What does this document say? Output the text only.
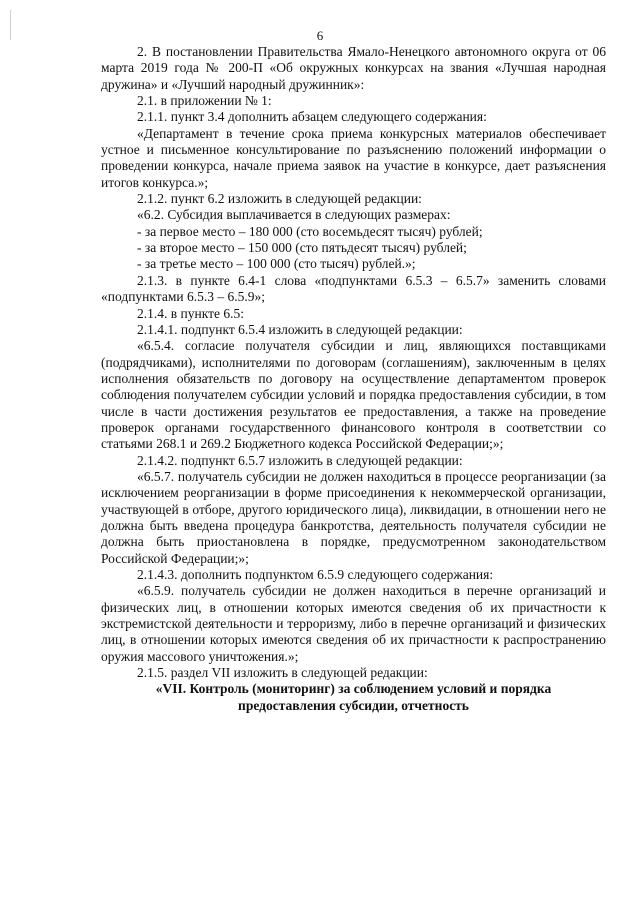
6

2. В постановлении Правительства Ямало-Ненецкого автономного округа от 06 марта 2019 года № 200-П «Об окружных конкурсах на звания «Лучшая народная дружина» и «Лучший народный дружинник»:

2.1. в приложении № 1:

2.1.1. пункт 3.4 дополнить абзацем следующего содержания:

«Департамент в течение срока приема конкурсных материалов обеспечивает устное и письменное консультирование по разъяснению положений информации о проведении конкурса, начале приема заявок на участие в конкурсе, дает разъяснения итогов конкурса.»;

2.1.2. пункт 6.2 изложить в следующей редакции:

«6.2. Субсидия выплачивается в следующих размерах:

- за первое место – 180 000 (сто восемьдесят тысяч) рублей;

- за второе место – 150 000 (сто пятьдесят тысяч) рублей;

- за третье место – 100 000 (сто тысяч) рублей.»;

2.1.3. в пункте 6.4-1 слова «подпунктами 6.5.3 – 6.5.7» заменить словами «подпунктами 6.5.3 – 6.5.9»;

2.1.4. в пункте 6.5:

2.1.4.1. подпункт 6.5.4 изложить в следующей редакции:

«6.5.4. согласие получателя субсидии и лиц, являющихся поставщиками (подрядчиками), исполнителями по договорам (соглашениям), заключенным в целях исполнения обязательств по договору на осуществление департаментом проверок соблюдения получателем субсидии условий и порядка предоставления субсидии, в том числе в части достижения результатов ее предоставления, а также на проведение проверок органами государственного финансового контроля в соответствии со статьями 268.1 и 269.2 Бюджетного кодекса Российской Федерации;»;

2.1.4.2. подпункт 6.5.7 изложить в следующей редакции:

«6.5.7. получатель субсидии не должен находиться в процессе реорганизации (за исключением реорганизации в форме присоединения к некоммерческой организации, участвующей в отборе, другого юридического лица), ликвидации, в отношении него не должна быть введена процедура банкротства, деятельность получателя субсидии не должна быть приостановлена в порядке, предусмотренном законодательством Российской Федерации;»;

2.1.4.3. дополнить подпунктом 6.5.9 следующего содержания:

«6.5.9. получатель субсидии не должен находиться в перечне организаций и физических лиц, в отношении которых имеются сведения об их причастности к экстремистской деятельности и терроризму, либо в перечне организаций и физических лиц, в отношении которых имеются сведения об их причастности к распространению оружия массового уничтожения.»;

2.1.5. раздел VII изложить в следующей редакции:

«VII. Контроль (мониторинг) за соблюдением условий и порядка

предоставления субсидии, отчетность
